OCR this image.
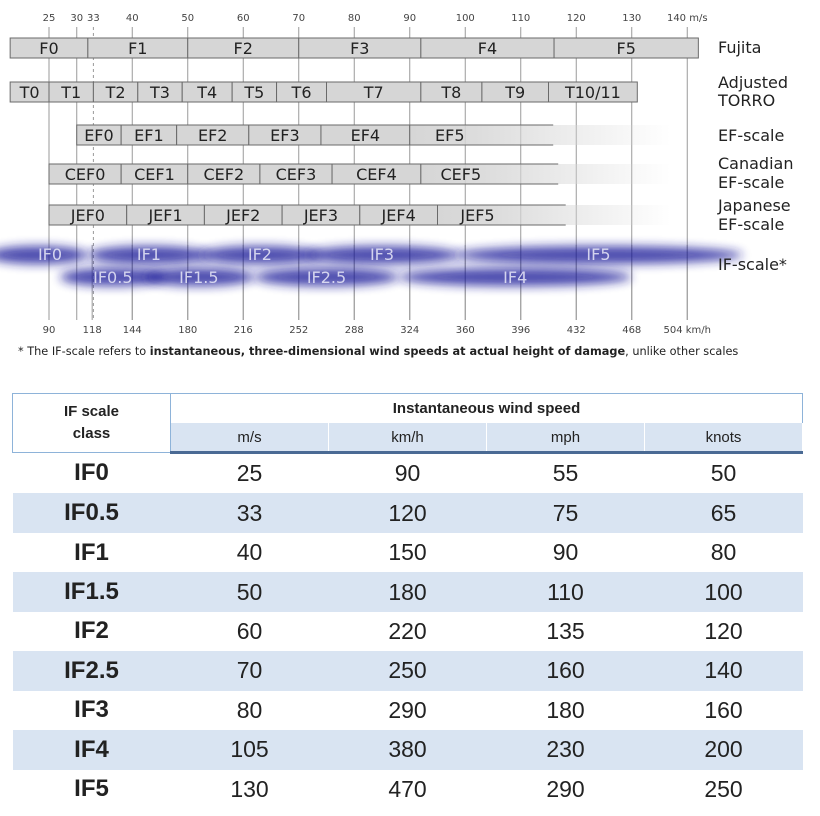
25 30 33	40	50	60	70	80	90	100	110	120	130	140 m/s
90	118 144	180	216	252	288	324	360	396	432	468 504 km/h
F0	F1	F2	F3	F4	F5	Fujita
T0 T1 T2 T3 T4 T5 T6	T7	T8	T9 T10/11
Adjusted
TORRO
EF0 EF1 EF2	EF3	EF4	EF5	EF-scale
CEF0 CEF1 CEF2 CEF3 CEF4	CEF5
Canadian
EF-scale
JEF0	JEF1	JEF2	JEF3	JEF4	JEF5
Japanese
EF-scale
IF0	IF1	IF2	IF3	IF5
IF0.5	IF1.5	IF2.5	IF4
IF-scale*
* The IF-scale refers to instantaneous, three-dimensional wind speeds at actual height of damage, unlike other scales
IF scale
class	Instantaneous wind speed			
	m/s	km/h	mph	knots
IF0	25	90	55	50
IF0.5	33	120	75	65
IF1	40	150	90	80
IF1.5	50	180	110	100
IF2	60	220	135	120
IF2.5	70	250	160	140
IF3	80	290	180	160
IF4	105	380	230	200
IF5	130	470	290	250
